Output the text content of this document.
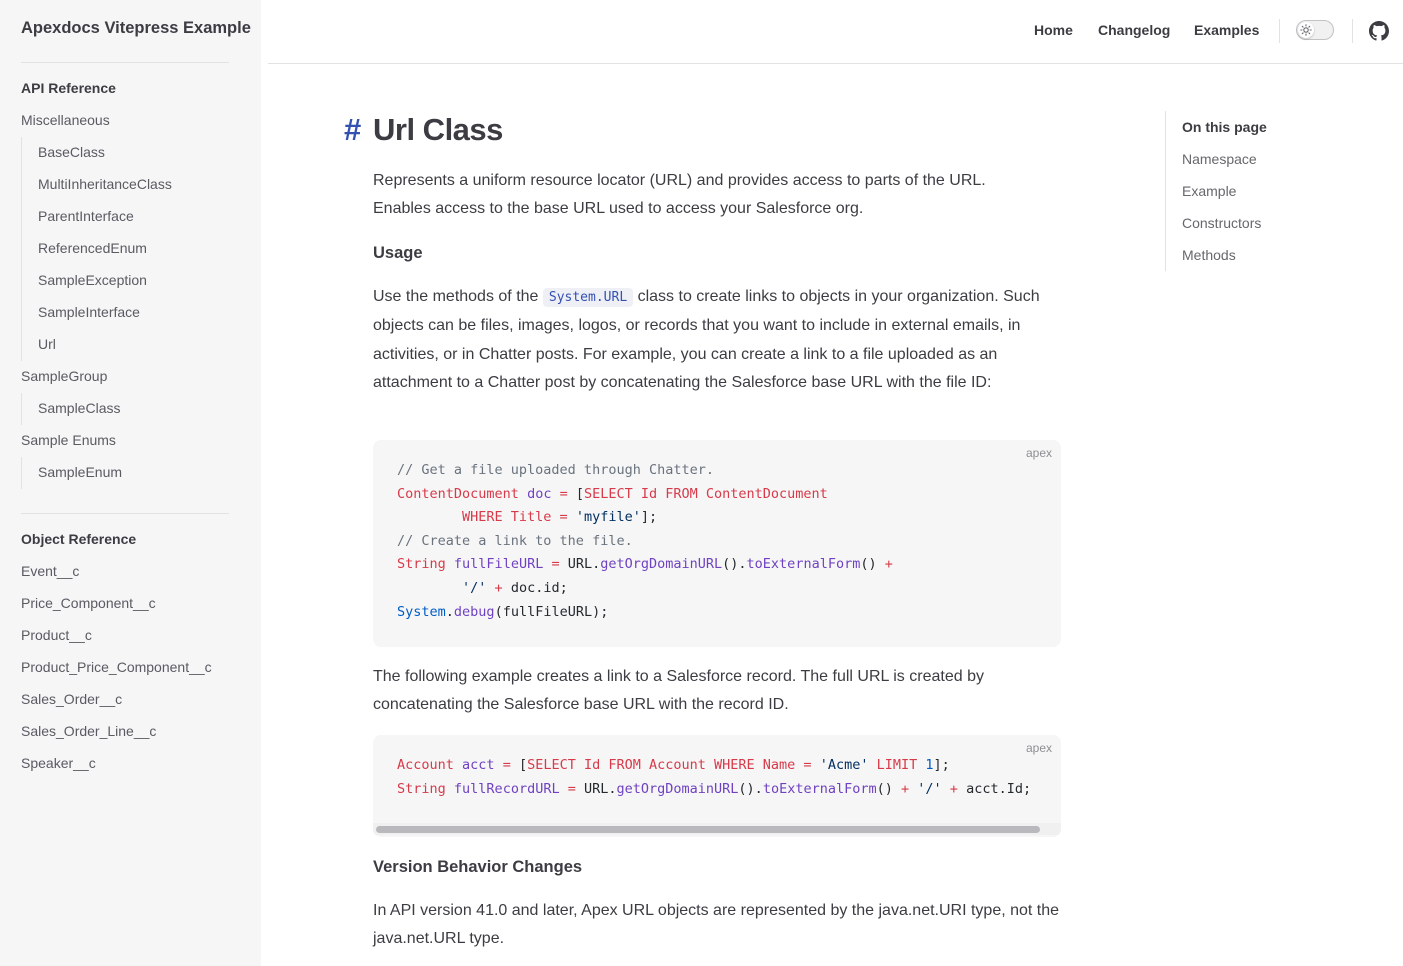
Apexdocs Vitepress Example
API Reference
Miscellaneous
BaseClass
MultiInheritanceClass
ParentInterface
ReferencedEnum
SampleException
SampleInterface
Url
SampleGroup
SampleClass
Sample Enums
SampleEnum
Object Reference
Event__c
Price_Component__c
Product__c
Product_Price_Component__c
Sales_Order__c
Sales_Order_Line__c
Speaker__c
Home Changelog Examples
# Url Class
Represents a uniform resource locator (URL) and provides access to parts of the URL.
Enables access to the base URL used to access your Salesforce org.
Usage
Use the methods of the System.URL class to create links to objects in your organization. Such objects can be files, images, logos, or records that you want to include in external emails, in activities, or in Chatter posts. For example, you can create a link to a file uploaded as an attachment to a Chatter post by concatenating the Salesforce base URL with the file ID:
apex
// Get a file uploaded through Chatter.
ContentDocument doc = [SELECT Id FROM ContentDocument
WHERE Title = 'myfile'];
// Create a link to the file.
String fullFileURL = URL.getOrgDomainURL().toExternalForm() +
'/' + doc.id;
System.debug(fullFileURL);
The following example creates a link to a Salesforce record. The full URL is created by concatenating the Salesforce base URL with the record ID.
apex
Account acct = [SELECT Id FROM Account WHERE Name = 'Acme' LIMIT 1];
String fullRecordURL = URL.getOrgDomainURL().toExternalForm() + '/' + acct.Id;
Version Behavior Changes
In API version 41.0 and later, Apex URL objects are represented by the java.net.URI type, not the java.net.URL type.
On this page
Namespace
Example
Constructors
Methods
